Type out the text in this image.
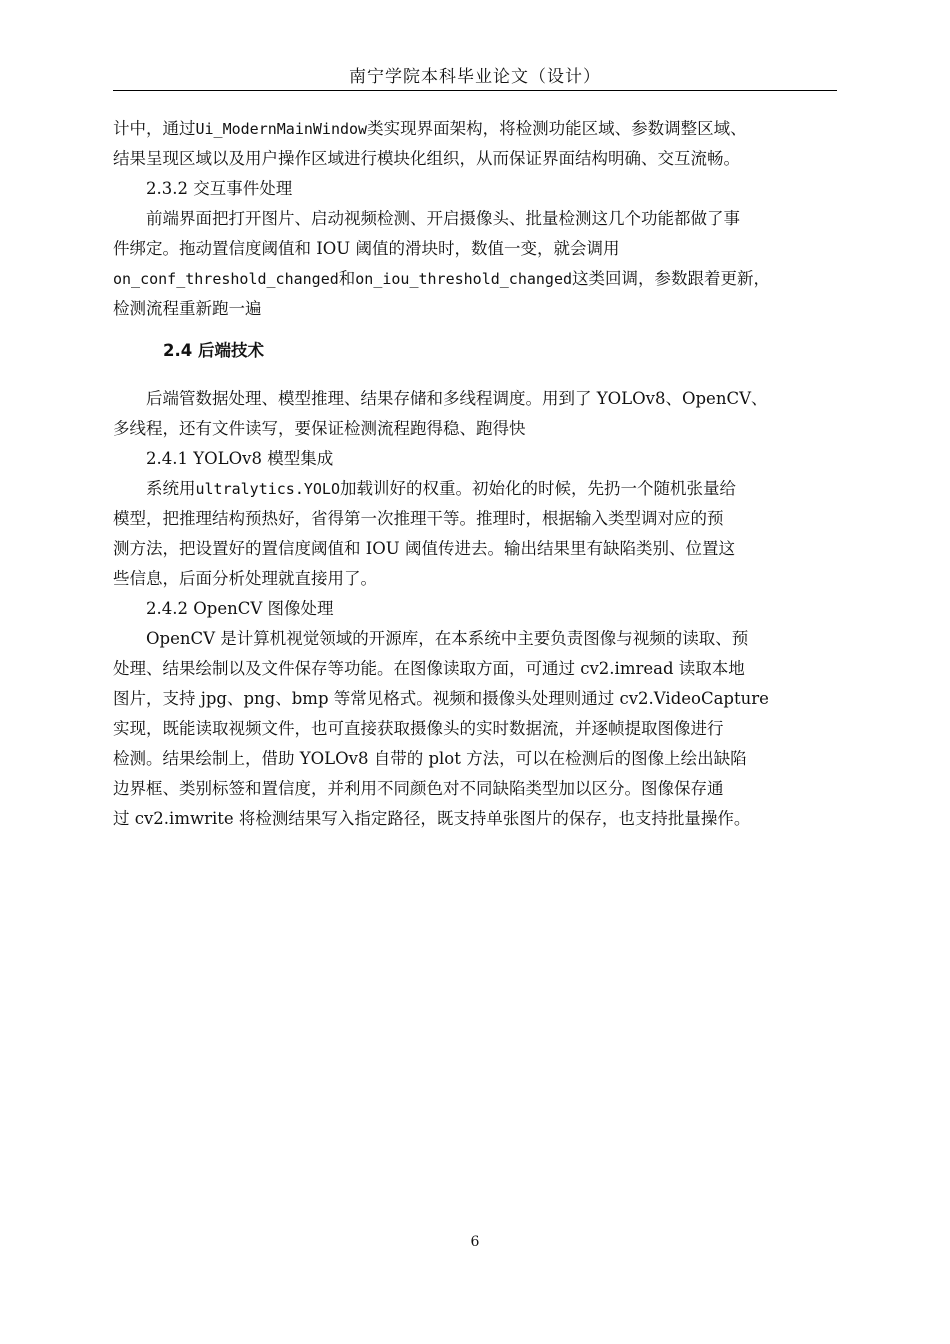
南宁学院本科毕业论文（设计）

计中，通过Ui_ModernMainWindow类实现界面架构，将检测功能区域、参数调整区域、
结果呈现区域以及用户操作区域进行模块化组织，从而保证界面结构明确、交互流畅。

2.3.2 交互事件处理

前端界面把打开图片、启动视频检测、开启摄像头、批量检测这几个功能都做了事
件绑定。拖动置信度阈值和 IOU 阈值的滑块时，数值一变，就会调用
on_conf_threshold_changed和on_iou_threshold_changed这类回调，参数跟着更新，
检测流程重新跑一遍

2.4 后端技术

后端管数据处理、模型推理、结果存储和多线程调度。用到了 YOLOv8、OpenCV、
多线程，还有文件读写，要保证检测流程跑得稳、跑得快

2.4.1 YOLOv8 模型集成

系统用ultralytics.YOLO加载训好的权重。初始化的时候，先扔一个随机张量给
模型，把推理结构预热好，省得第一次推理干等。推理时，根据输入类型调对应的预
测方法，把设置好的置信度阈值和 IOU 阈值传进去。输出结果里有缺陷类别、位置这
些信息，后面分析处理就直接用了。

2.4.2 OpenCV 图像处理

OpenCV 是计算机视觉领域的开源库，在本系统中主要负责图像与视频的读取、预
处理、结果绘制以及文件保存等功能。在图像读取方面，可通过 cv2.imread 读取本地
图片，支持 jpg、png、bmp 等常见格式。视频和摄像头处理则通过 cv2.VideoCapture
实现，既能读取视频文件，也可直接获取摄像头的实时数据流，并逐帧提取图像进行
检测。结果绘制上，借助 YOLOv8 自带的 plot 方法，可以在检测后的图像上绘出缺陷
边界框、类别标签和置信度，并利用不同颜色对不同缺陷类型加以区分。图像保存通
过 cv2.imwrite 将检测结果写入指定路径，既支持单张图片的保存，也支持批量操作。

6
